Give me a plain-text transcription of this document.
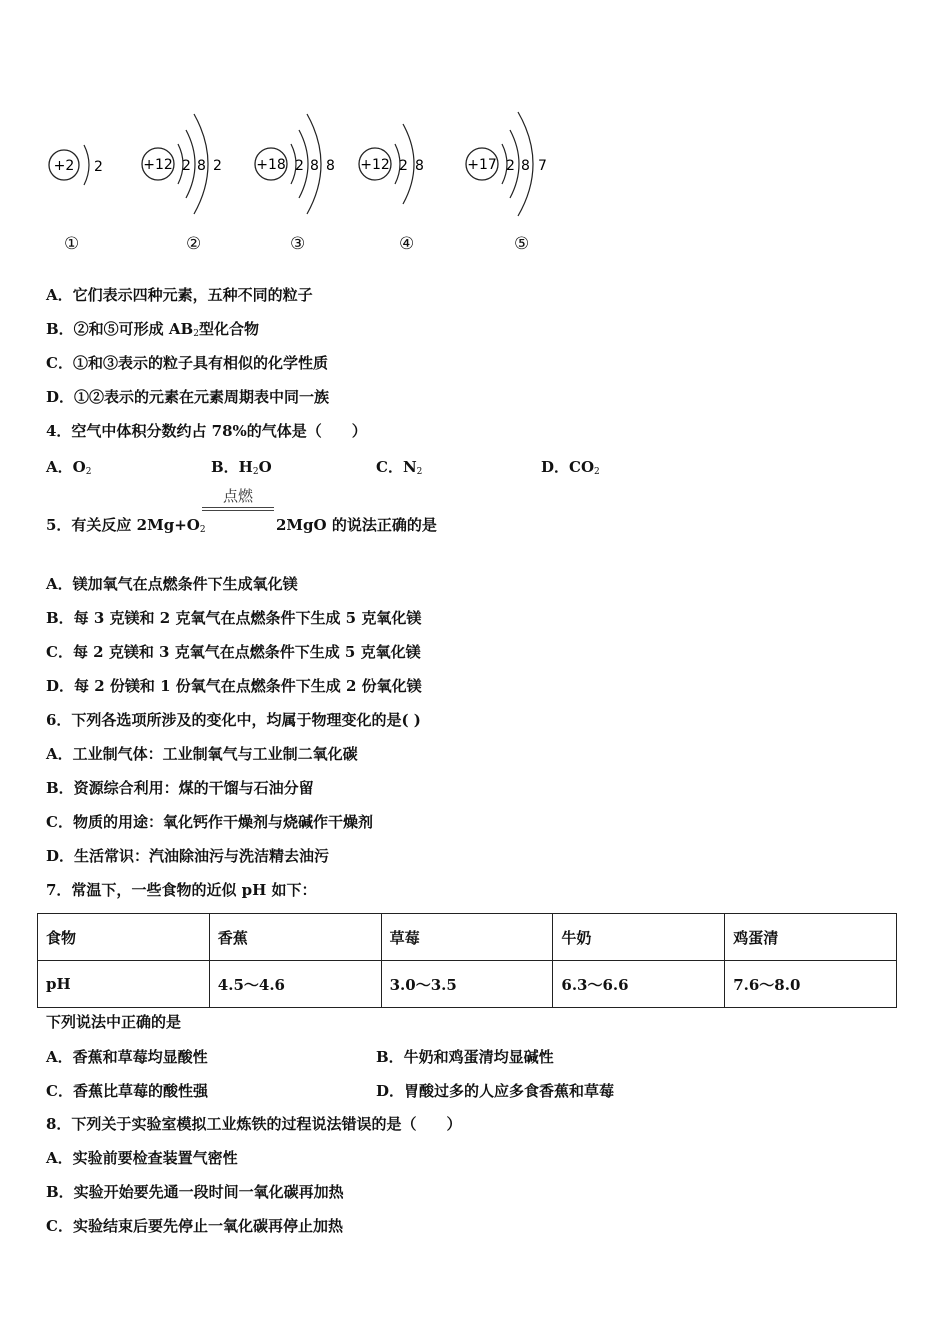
+2 2
①
+12 2 8 2
②
+18 2 8 8
③
+12 2 8
④
+17 2 8 7
⑤
A．它们表示四种元素，五种不同的粒子
B．②和⑤可形成 $AB_2$型化合物
C．①和③表示的粒子具有相似的化学性质
D．①②表示的元素在元素周期表中同一族
4．空气中体积分数约占 78%的气体是（　　）
A．$O_2$	B．$H_2O$	C．$N_2$	D．$CO_2$
5．有关反应 $2Mg+O_2$
点燃
2MgO 的说法正确的是
A．镁加氧气在点燃条件下生成氧化镁
B．每 3 克镁和 2 克氧气在点燃条件下生成 5 克氧化镁
C．每 2 克镁和 3 克氧气在点燃条件下生成 5 克氧化镁
D．每 2 份镁和 1 份氧气在点燃条件下生成 2 份氧化镁
6．下列各选项所涉及的变化中，均属于物理变化的是( )
A．工业制气体：工业制氧气与工业制二氧化碳
B．资源综合利用：煤的干馏与石油分留
C．物质的用途：氧化钙作干燥剂与烧碱作干燥剂
D．生活常识：汽油除油污与洗洁精去油污
7．常温下，一些食物的近似 pH 如下：
食物	香蕉	草莓	牛奶	鸡蛋清
pH	4.5～4.6	3.0～3.5	6.3～6.6	7.6～8.0
下列说法中正确的是
A．香蕉和草莓均显酸性	B．牛奶和鸡蛋清均显碱性
C．香蕉比草莓的酸性强	D．胃酸过多的人应多食香蕉和草莓
8．下列关于实验室模拟工业炼铁的过程说法错误的是（　　）
A．实验前要检查装置气密性
B．实验开始要先通一段时间一氧化碳再加热
C．实验结束后要先停止一氧化碳再停止加热
